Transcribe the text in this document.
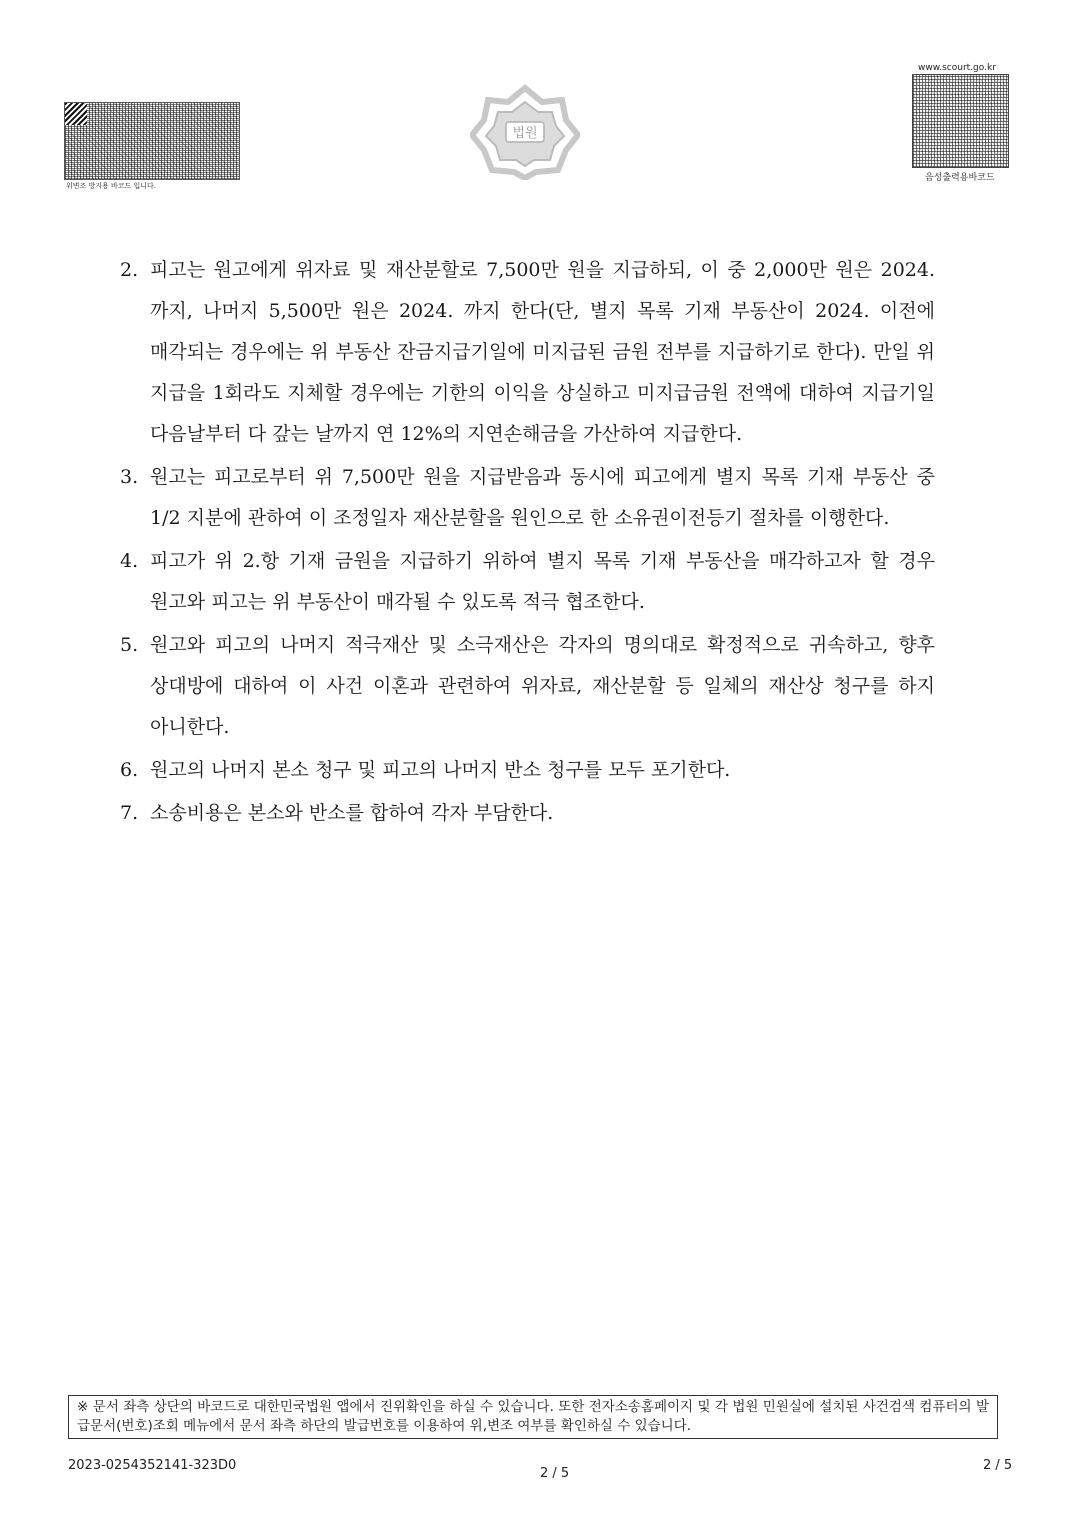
위변조 방지용 바코드 입니다.
법원
www.scourt.go.kr
음성출력용바코드
2. 피고는 원고에게 위자료 및 재산분할로 7,500만 원을 지급하되, 이 중 2,000만 원은 2024. 까지, 나머지 5,500만 원은 2024. 까지 한다(단, 별지 목록 기재 부동산이 2024. 이전에 매각되는 경우에는 위 부동산 잔금지급기일에 미지급된 금원 전부를 지급하기로 한다). 만일 위 지급을 1회라도 지체할 경우에는 기한의 이익을 상실하고 미지급금원 전액에 대하여 지급기일 다음날부터 다 갚는 날까지 연 12%의 지연손해금을 가산하여 지급한다.
3. 원고는 피고로부터 위 7,500만 원을 지급받음과 동시에 피고에게 별지 목록 기재 부동산 중 1/2 지분에 관하여 이 조정일자 재산분할을 원인으로 한 소유권이전등기 절차를 이행한다.
4. 피고가 위 2.항 기재 금원을 지급하기 위하여 별지 목록 기재 부동산을 매각하고자 할 경우 원고와 피고는 위 부동산이 매각될 수 있도록 적극 협조한다.
5. 원고와 피고의 나머지 적극재산 및 소극재산은 각자의 명의대로 확정적으로 귀속하고, 향후 상대방에 대하여 이 사건 이혼과 관련하여 위자료, 재산분할 등 일체의 재산상 청구를 하지 아니한다.
6. 원고의 나머지 본소 청구 및 피고의 나머지 반소 청구를 모두 포기한다.
7. 소송비용은 본소와 반소를 합하여 각자 부담한다.
※ 문서 좌측 상단의 바코드로 대한민국법원 앱에서 진위확인을 하실 수 있습니다. 또한 전자소송홈페이지 및 각 법원 민원실에 설치된 사건검색 컴퓨터의 발급문서(번호)조회 메뉴에서 문서 좌측 하단의 발급번호를 이용하여 위,변조 여부를 확인하실 수 있습니다.
2023-0254352141-323D0
2 / 5
2 / 5
